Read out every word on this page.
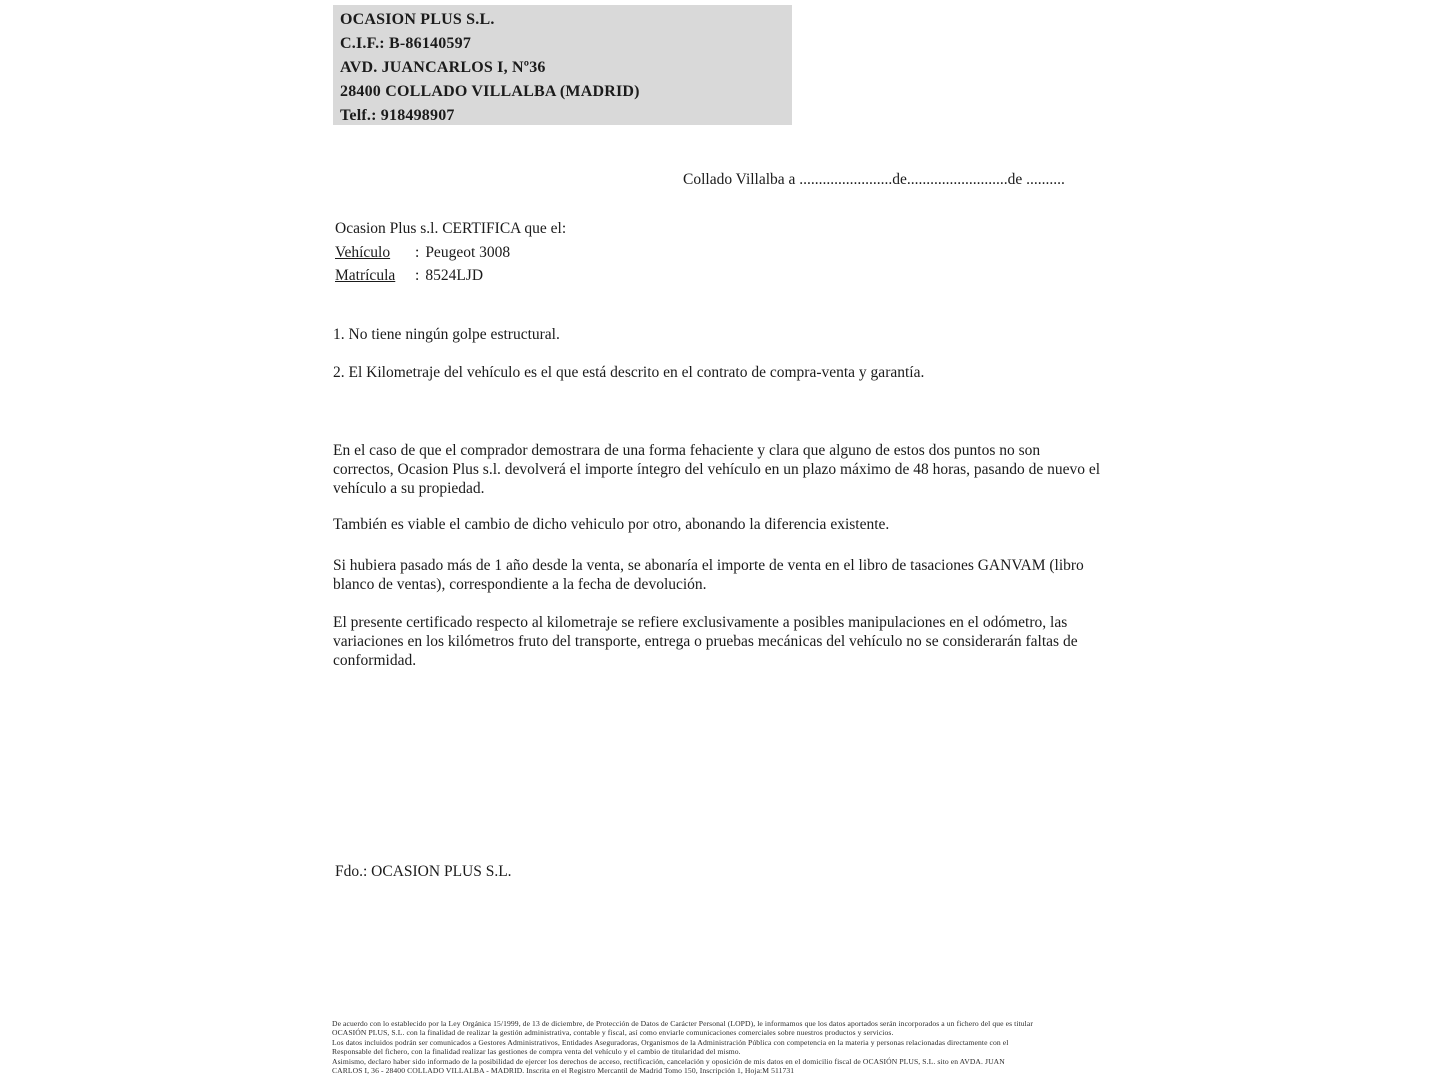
OCASION PLUS S.L.
C.I.F.: B-86140597
AVD. JUANCARLOS I, Nº36
28400 COLLADO VILLALBA (MADRID)
Telf.: 918498907
Collado Villalba a ........................de..........................de ..........
Ocasion Plus s.l. CERTIFICA que el:
Vehículo : Peugeot 3008
Matrícula : 8524LJD
1. No tiene ningún golpe estructural.
2. El Kilometraje del vehículo es el que está descrito en el contrato de compra-venta y garantía.
En el caso de que el comprador demostrara de una forma fehaciente y clara que alguno de estos dos puntos no son correctos, Ocasion Plus s.l. devolverá el importe íntegro del vehículo en un plazo máximo de 48 horas, pasando de nuevo el vehículo a su propiedad.
También es viable el cambio de dicho vehiculo por otro, abonando la diferencia existente.
Si hubiera pasado más de 1 año desde la venta, se abonaría el importe de venta en el libro de tasaciones GANVAM (libro blanco de ventas), correspondiente a la fecha de devolución.
El presente certificado respecto al kilometraje se refiere exclusivamente a posibles manipulaciones en el odómetro, las variaciones en los kilómetros fruto del transporte, entrega o pruebas mecánicas del vehículo no se considerarán faltas de conformidad.
Fdo.: OCASION PLUS S.L.
De acuerdo con lo establecido por la Ley Orgánica 15/1999, de 13 de diciembre, de Protección de Datos de Carácter Personal (LOPD), le informamos que los datos aportados serán incorporados a un fichero del que es titular
OCASIÓN PLUS, S.L. con la finalidad de realizar la gestión administrativa, contable y fiscal, así como enviarle comunicaciones comerciales sobre nuestros productos y servicios.
Los datos incluidos podrán ser comunicados a Gestores Administrativos, Entidades Aseguradoras, Organismos de la Administración Pública con competencia en la materia y personas relacionadas directamente con el
Responsable del fichero, con la finalidad realizar las gestiones de compra venta del vehículo y el cambio de titularidad del mismo.
Asimismo, declaro haber sido informado de la posibilidad de ejercer los derechos de acceso, rectificación, cancelación y oposición de mis datos en el domicilio fiscal de OCASIÓN PLUS, S.L. sito en AVDA. JUAN
CARLOS I, 36 - 28400 COLLADO VILLALBA - MADRID. Inscrita en el Registro Mercantil de Madrid Tomo 150, Inscripción 1, Hoja:M 511731
